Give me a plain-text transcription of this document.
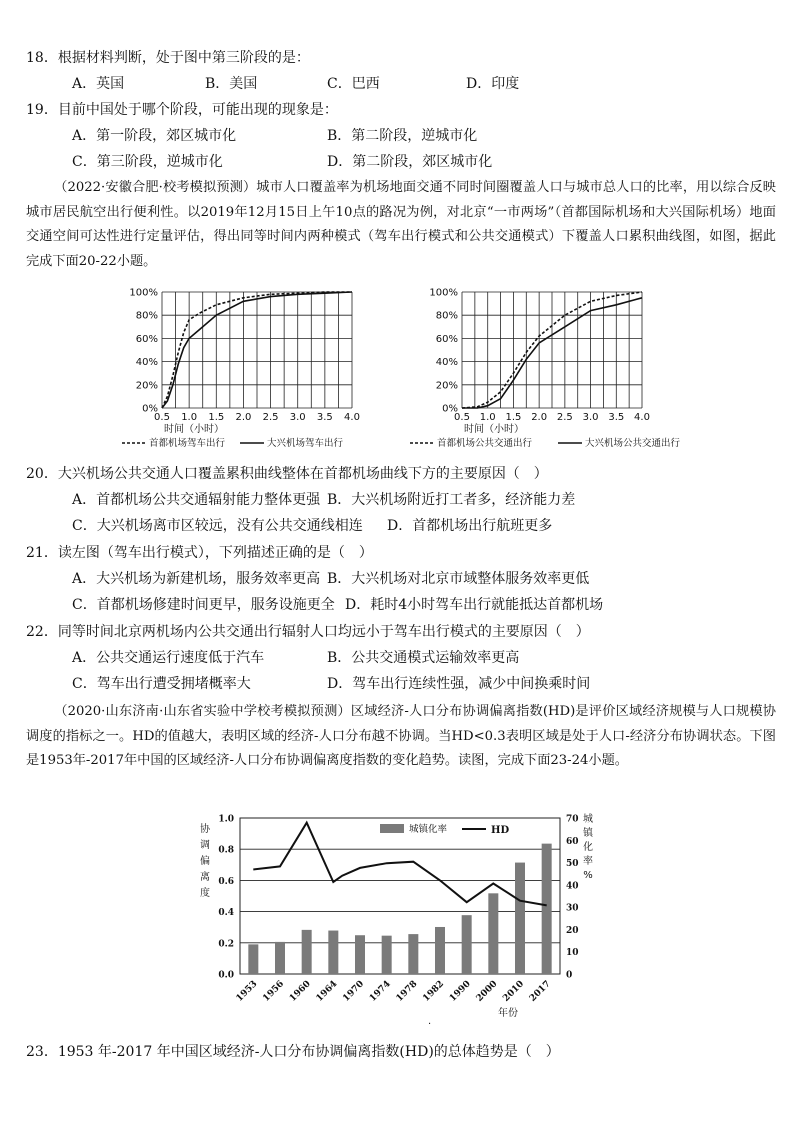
18．根据材料判断，处于图中第三阶段的是：
A．英国	B．美国	C．巴西	D．印度
19．目前中国处于哪个阶段，可能出现的现象是：
A．第一阶段，郊区城市化	B．第二阶段，逆城市化
C．第三阶段，逆城市化	D．第二阶段，郊区城市化
（2022·安徽合肥·校考模拟预测）城市人口覆盖率为机场地面交通不同时间圈覆盖人口与城市总人口的比率，用以综合反映城市居民航空出行便利性。以2019年12月15日上午10点的路况为例，对北京“一市两场”（首都国际机场和大兴国际机场）地面交通空间可达性进行定量评估，得出同等时间内两种模式（驾车出行模式和公共交通模式）下覆盖人口累积曲线图，如图，据此完成下面20-22小题。
0%
20%
40%
60%
80%
100%
0.5 1.0 1.5 2.0 2.5 3.0 3.5 4.0
时间（小时）
首都机场驾车出行	大兴机场驾车出行
0%
20%
40%
60%
80%
100%
0.5 1.0 1.5 2.0 2.5 3.0 3.5 4.0
时间（小时）
首都机场公共交通出行	大兴机场公共交通出行
20．大兴机场公共交通人口覆盖累积曲线整体在首都机场曲线下方的主要原因（　）
A．首都机场公共交通辐射能力整体更强 B．大兴机场附近打工者多，经济能力差
C．大兴机场离市区较远，没有公共交通线相连 D．首都机场出行航班更多
21．读左图（驾车出行模式），下列描述正确的是（　）
A．大兴机场为新建机场，服务效率更高 B．大兴机场对北京市域整体服务效率更低
C．首都机场修建时间更早，服务设施更全 D．耗时4小时驾车出行就能抵达首都机场
22．同等时间北京两机场内公共交通出行辐射人口均远小于驾车出行模式的主要原因（　）
A．公共交通运行速度低于汽车	B．公共交通模式运输效率更高
C．驾车出行遭受拥堵概率大	D．驾车出行连续性强，减少中间换乘时间
（2020·山东济南·山东省实验中学校考模拟预测）区域经济-人口分布协调偏离指数(HD)是评价区域经济规模与人口规模协调度的指标之一。HD的值越大，表明区域的经济-人口分布越不协调。当HD<0.3表明区域是处于人口-经济分布协调状态。下图是1953年-2017年中国的区域经济-人口分布协调偏离度指数的变化趋势。读图，完成下面23-24小题。
0.0
0.2
0.4
0.6
0.8
1.0
0
10
20
30
40
50
60
70
协
调
偏
离
度
城
镇
化
率
%
1953 1956 1960 1964 1970 1974 1978 1982 1990 2000 2010 2017
年份
城镇化率	HD
.
23．1953 年-2017 年中国区域经济-人口分布协调偏离指数(HD)的总体趋势是（　）
